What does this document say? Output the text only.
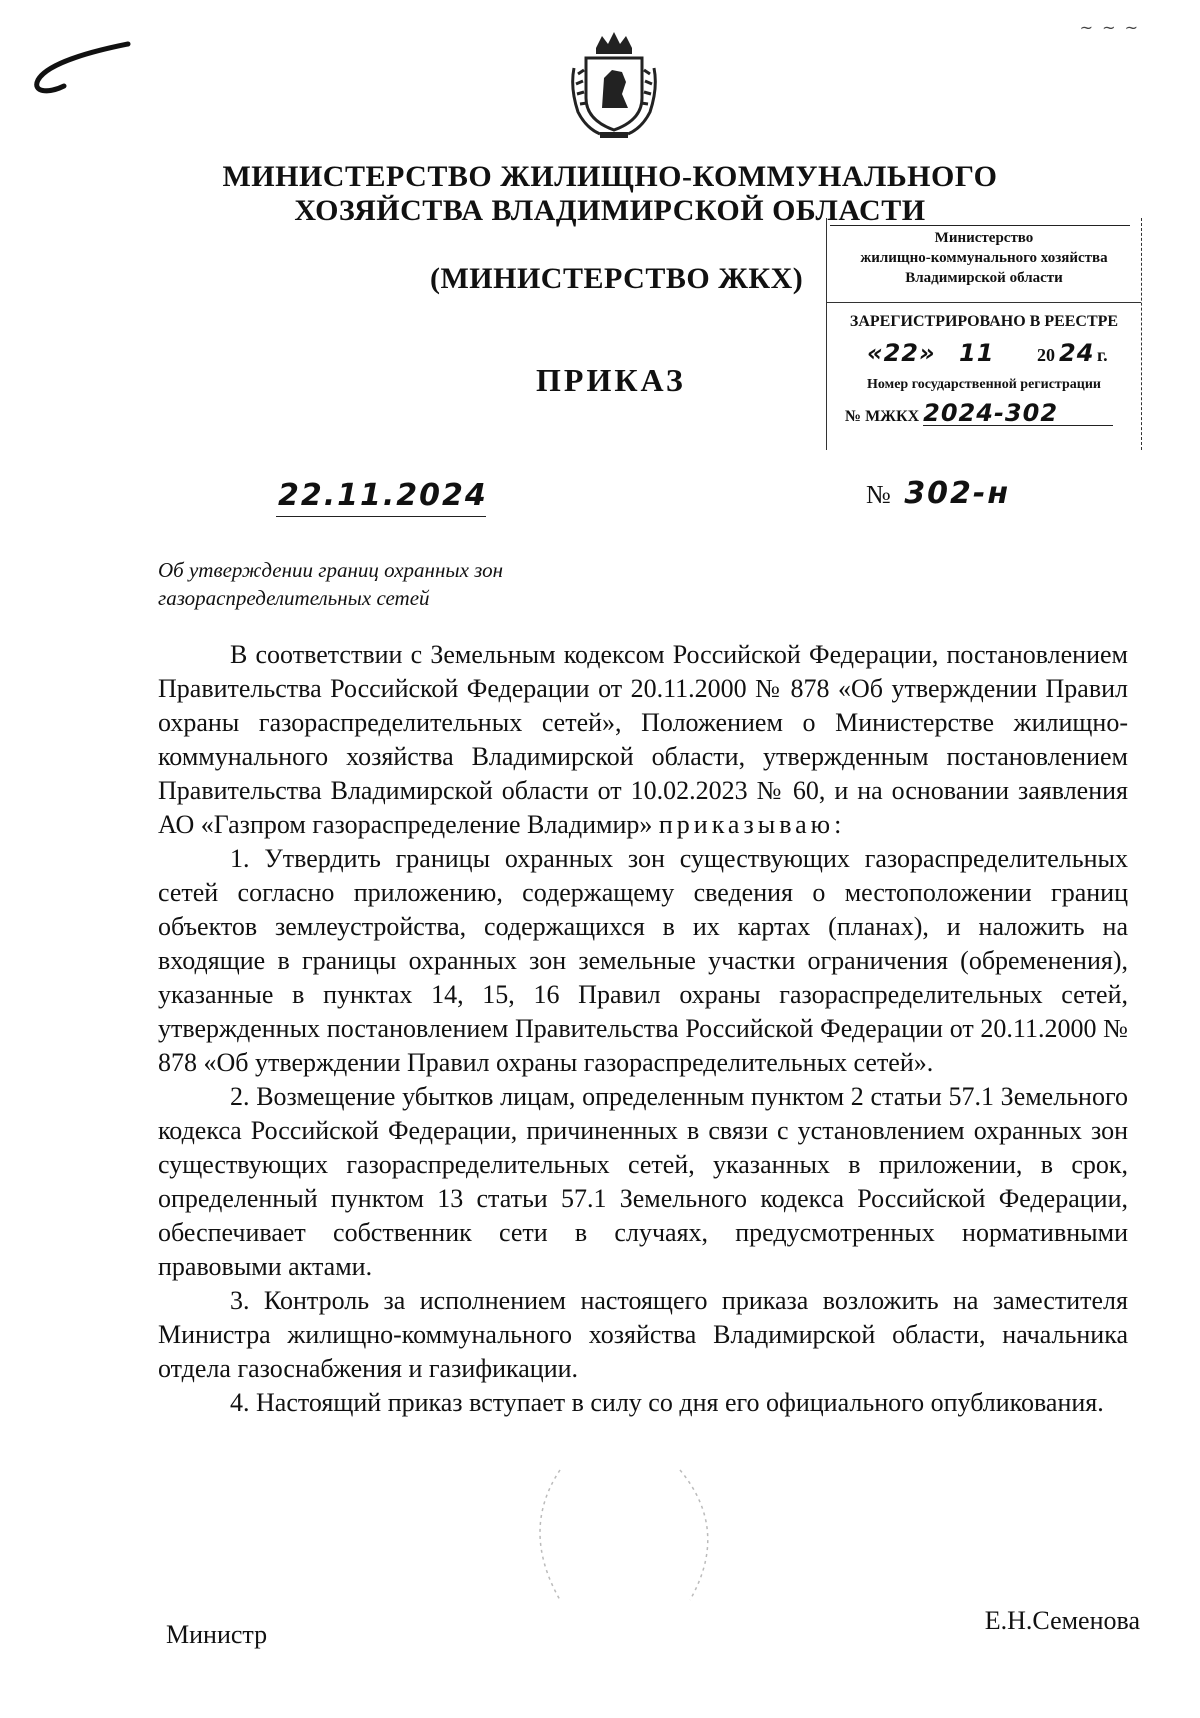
~ ~ ~
МИНИСТЕРСТВО ЖИЛИЩНО-КОММУНАЛЬНОГО
ХОЗЯЙСТВА ВЛАДИМИРСКОЙ ОБЛАСТИ
(МИНИСТЕРСТВО ЖКХ)
ПРИКАЗ
Министерство
жилищно-коммунального хозяйства
Владимирской области
ЗАРЕГИСТРИРОВАНО В РЕЕСТРЕ
«22» 11 20 24 г.
Номер государственной регистрации
№ МЖКХ 2024-302
22.11.2024	№ 302-н
Об утверждении границ охранных зон газораспределительных сетей

В соответствии с Земельным кодексом Российской Федерации, постановлением Правительства Российской Федерации от 20.11.2000 № 878 «Об утверждении Правил охраны газораспределительных сетей», Положением о Министерстве жилищно-коммунального хозяйства Владимирской области, утвержденным постановлением Правительства Владимирской области от 10.02.2023 № 60, и на основании заявления АО «Газпром газораспределение Владимир» приказываю:

1. Утвердить границы охранных зон существующих газораспределительных сетей согласно приложению, содержащему сведения о местоположении границ объектов землеустройства, содержащихся в их картах (планах), и наложить на входящие в границы охранных зон земельные участки ограничения (обременения), указанные в пунктах 14, 15, 16 Правил охраны газораспределительных сетей, утвержденных постановлением Правительства Российской Федерации от 20.11.2000 № 878 «Об утверждении Правил охраны газораспределительных сетей».

2. Возмещение убытков лицам, определенным пунктом 2 статьи 57.1 Земельного кодекса Российской Федерации, причиненных в связи с установлением охранных зон существующих газораспределительных сетей, указанных в приложении, в срок, определенный пунктом 13 статьи 57.1 Земельного кодекса Российской Федерации, обеспечивает собственник сети в случаях, предусмотренных нормативными правовыми актами.

3. Контроль за исполнением настоящего приказа возложить на заместителя Министра жилищно-коммунального хозяйства Владимирской области, начальника отдела газоснабжения и газификации.

4. Настоящий приказ вступает в силу со дня его официального опубликования.

Министр	Е.Н.Семенова
